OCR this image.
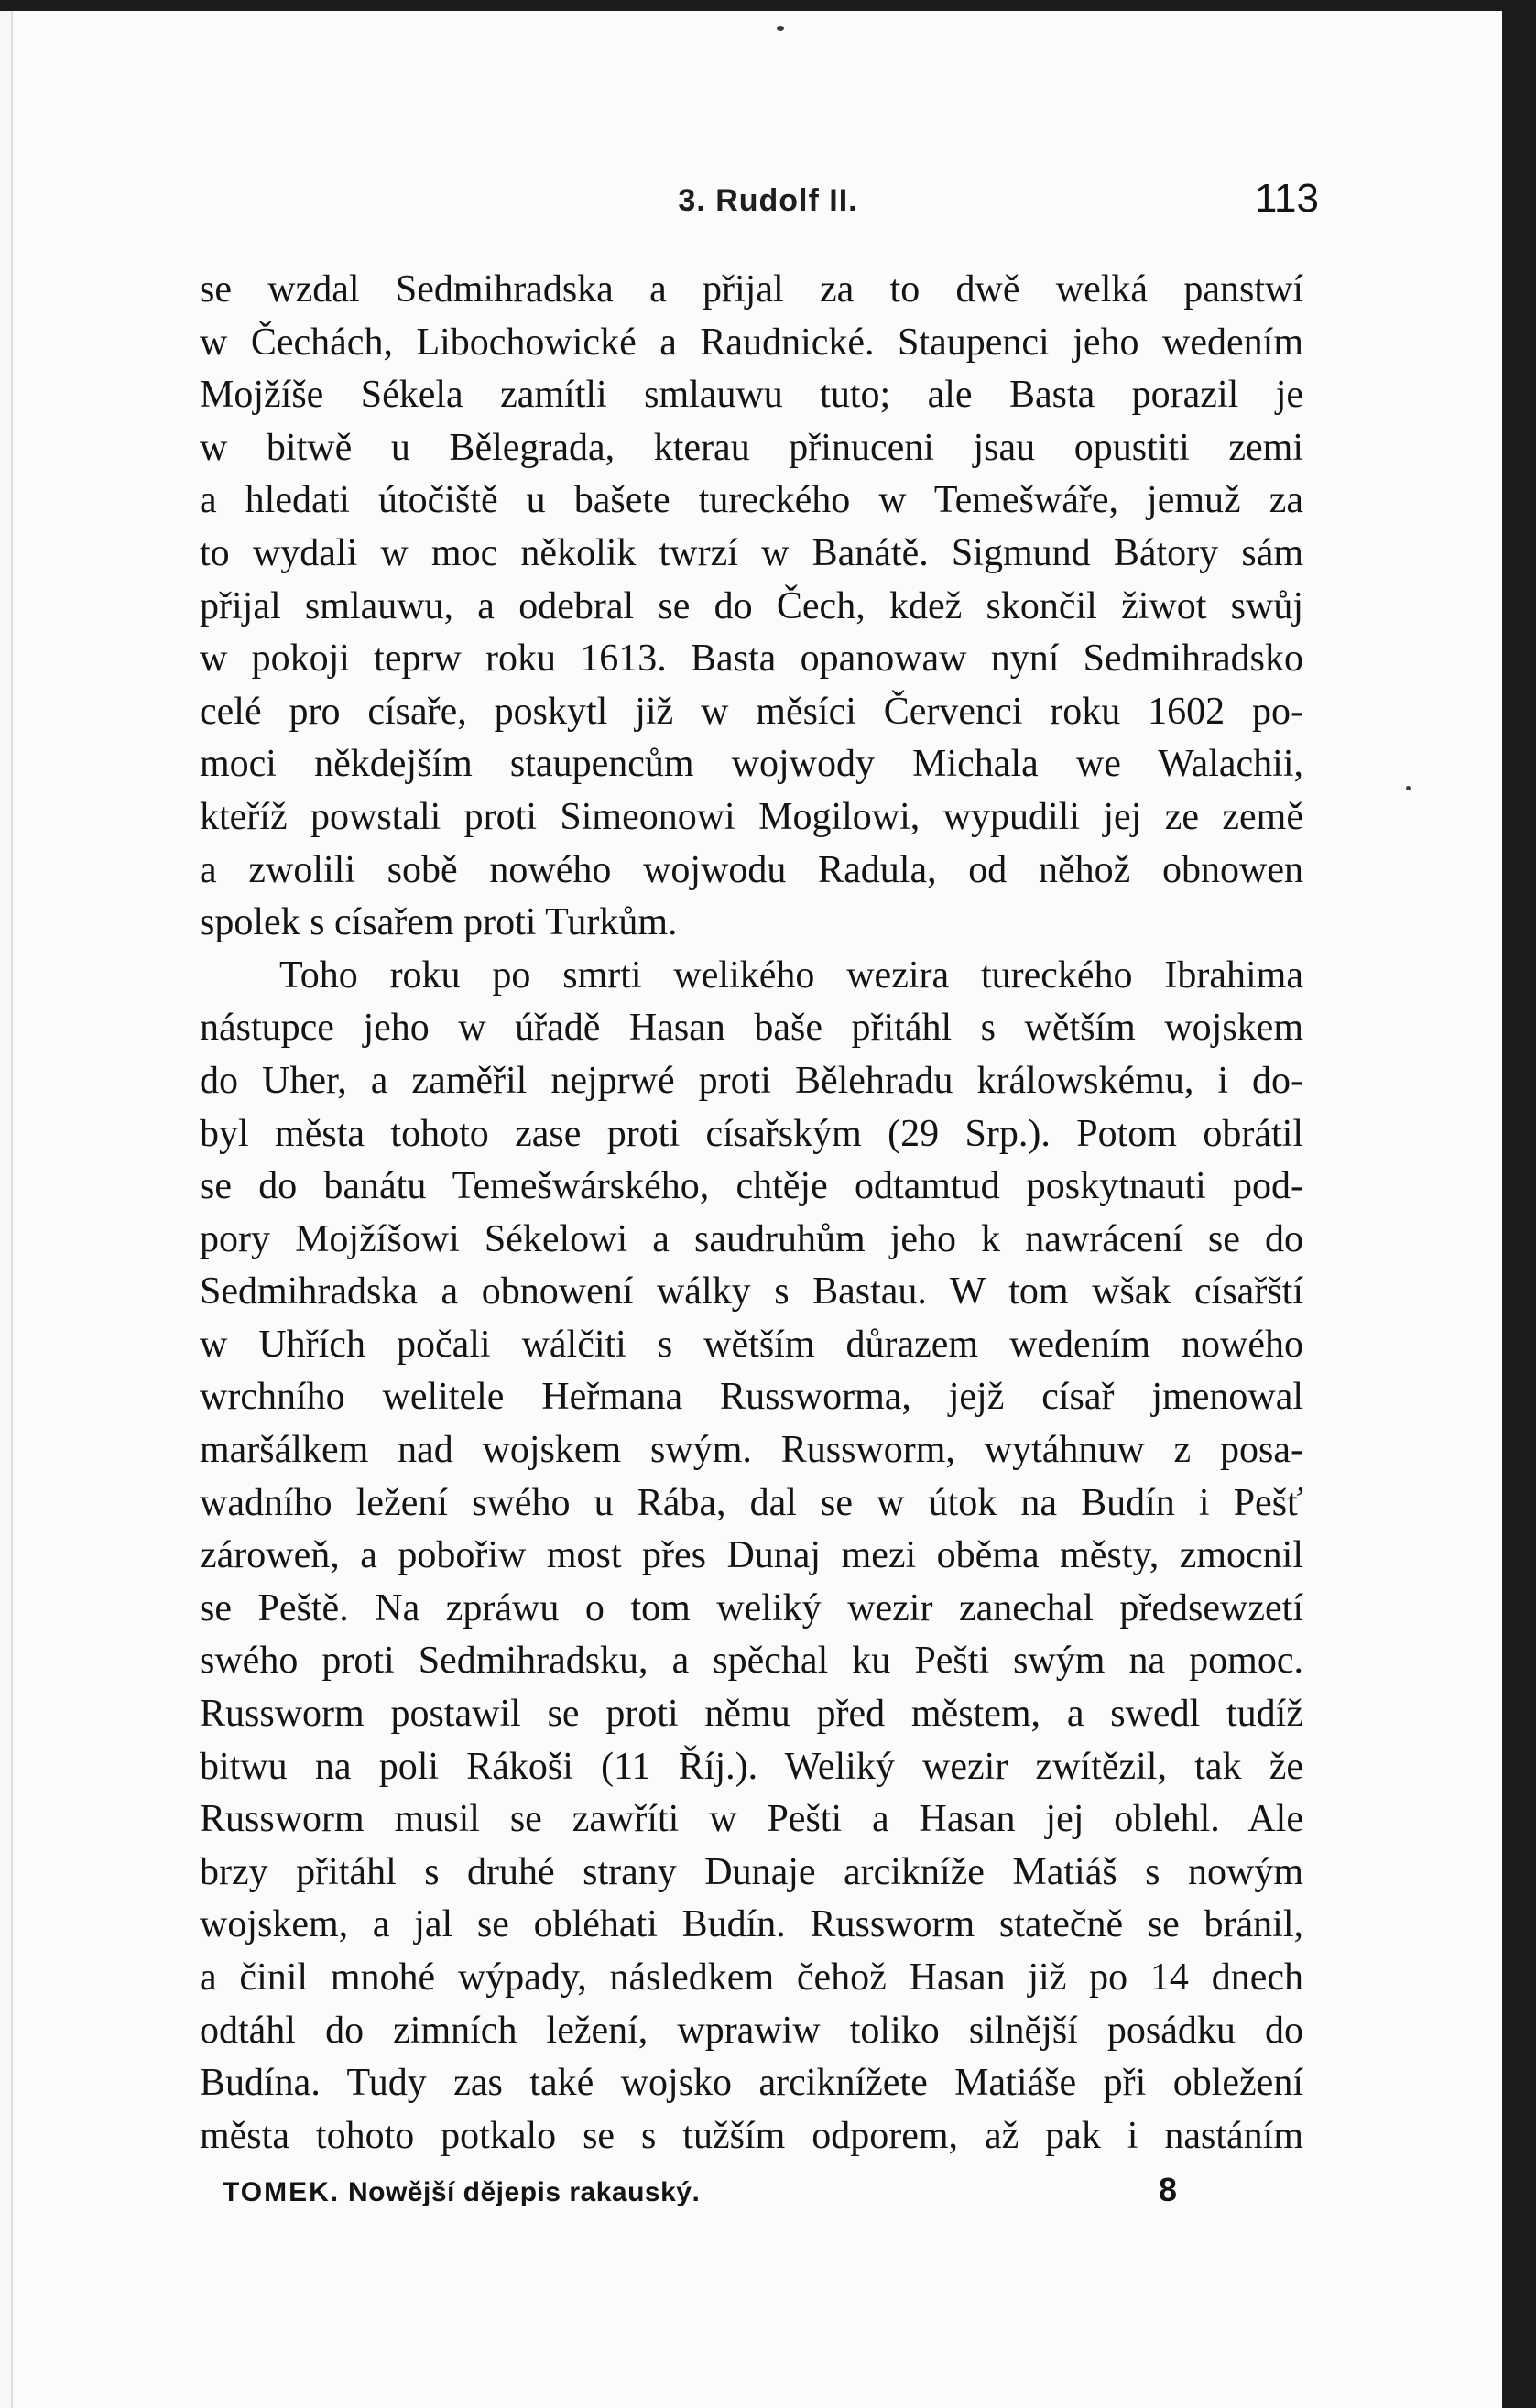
3. Rudolf II.	113
se wzdal Sedmihradska a přijal za to dwě welká panstwí
w Čechách, Libochowické a Raudnické. Staupenci jeho wedením
Mojžíše Sékela zamítli smlauwu tuto; ale Basta porazil je
w bitwě u Bělegrada, kterau přinuceni jsau opustiti zemi
a hledati útočiště u bašete tureckého w Temešwáře, jemuž za
to wydali w moc několik twrzí w Banátě. Sigmund Bátory sám
přijal smlauwu, a odebral se do Čech, kdež skončil žiwot swůj
w pokoji teprw roku 1613. Basta opanowaw nyní Sedmihradsko
celé pro císaře, poskytl již w měsíci Červenci roku 1602 po-
moci někdejším staupencům wojwody Michala we Walachii,
kteříž powstali proti Simeonowi Mogilowi, wypudili jej ze země
a zwolili sobě nowého wojwodu Radula, od něhož obnowen
spolek s císařem proti Turkům.
Toho roku po smrti welikého wezira tureckého Ibrahima
nástupce jeho w úřadě Hasan baše přitáhl s wětším wojskem
do Uher, a zaměřil nejprwé proti Bělehradu králowskému, i do-
byl města tohoto zase proti císařským (29 Srp.). Potom obrátil
se do banátu Temešwárského, chtěje odtamtud poskytnauti pod-
pory Mojžíšowi Sékelowi a saudruhům jeho k nawrácení se do
Sedmihradska a obnowení wálky s Bastau. W tom wšak císařští
w Uhřích počali wálčiti s wětším důrazem wedením nowého
wrchního welitele Heřmana Russworma, jejž císař jmenowal
maršálkem nad wojskem swým. Russworm, wytáhnuw z posa-
wadního ležení swého u Rába, dal se w útok na Budín i Pešť
zároweň, a pobořiw most přes Dunaj mezi oběma městy, zmocnil
se Peště. Na zpráwu o tom weliký wezir zanechal předsewzetí
swého proti Sedmihradsku, a spěchal ku Pešti swým na pomoc.
Russworm postawil se proti němu před městem, a swedl tudíž
bitwu na poli Rákoši (11 Říj.). Weliký wezir zwítězil, tak že
Russworm musil se zawříti w Pešti a Hasan jej oblehl. Ale
brzy přitáhl s druhé strany Dunaje arcikníže Matiáš s nowým
wojskem, a jal se obléhati Budín. Russworm statečně se bránil,
a činil mnohé wýpady, následkem čehož Hasan již po 14 dnech
odtáhl do zimních ležení, wprawiw toliko silnější posádku do
Budína. Tudy zas také wojsko arciknížete Matiáše při obležení
města tohoto potkalo se s tužším odporem, až pak i nastáním
TOMEK. Nowější dějepis rakauský.	8
